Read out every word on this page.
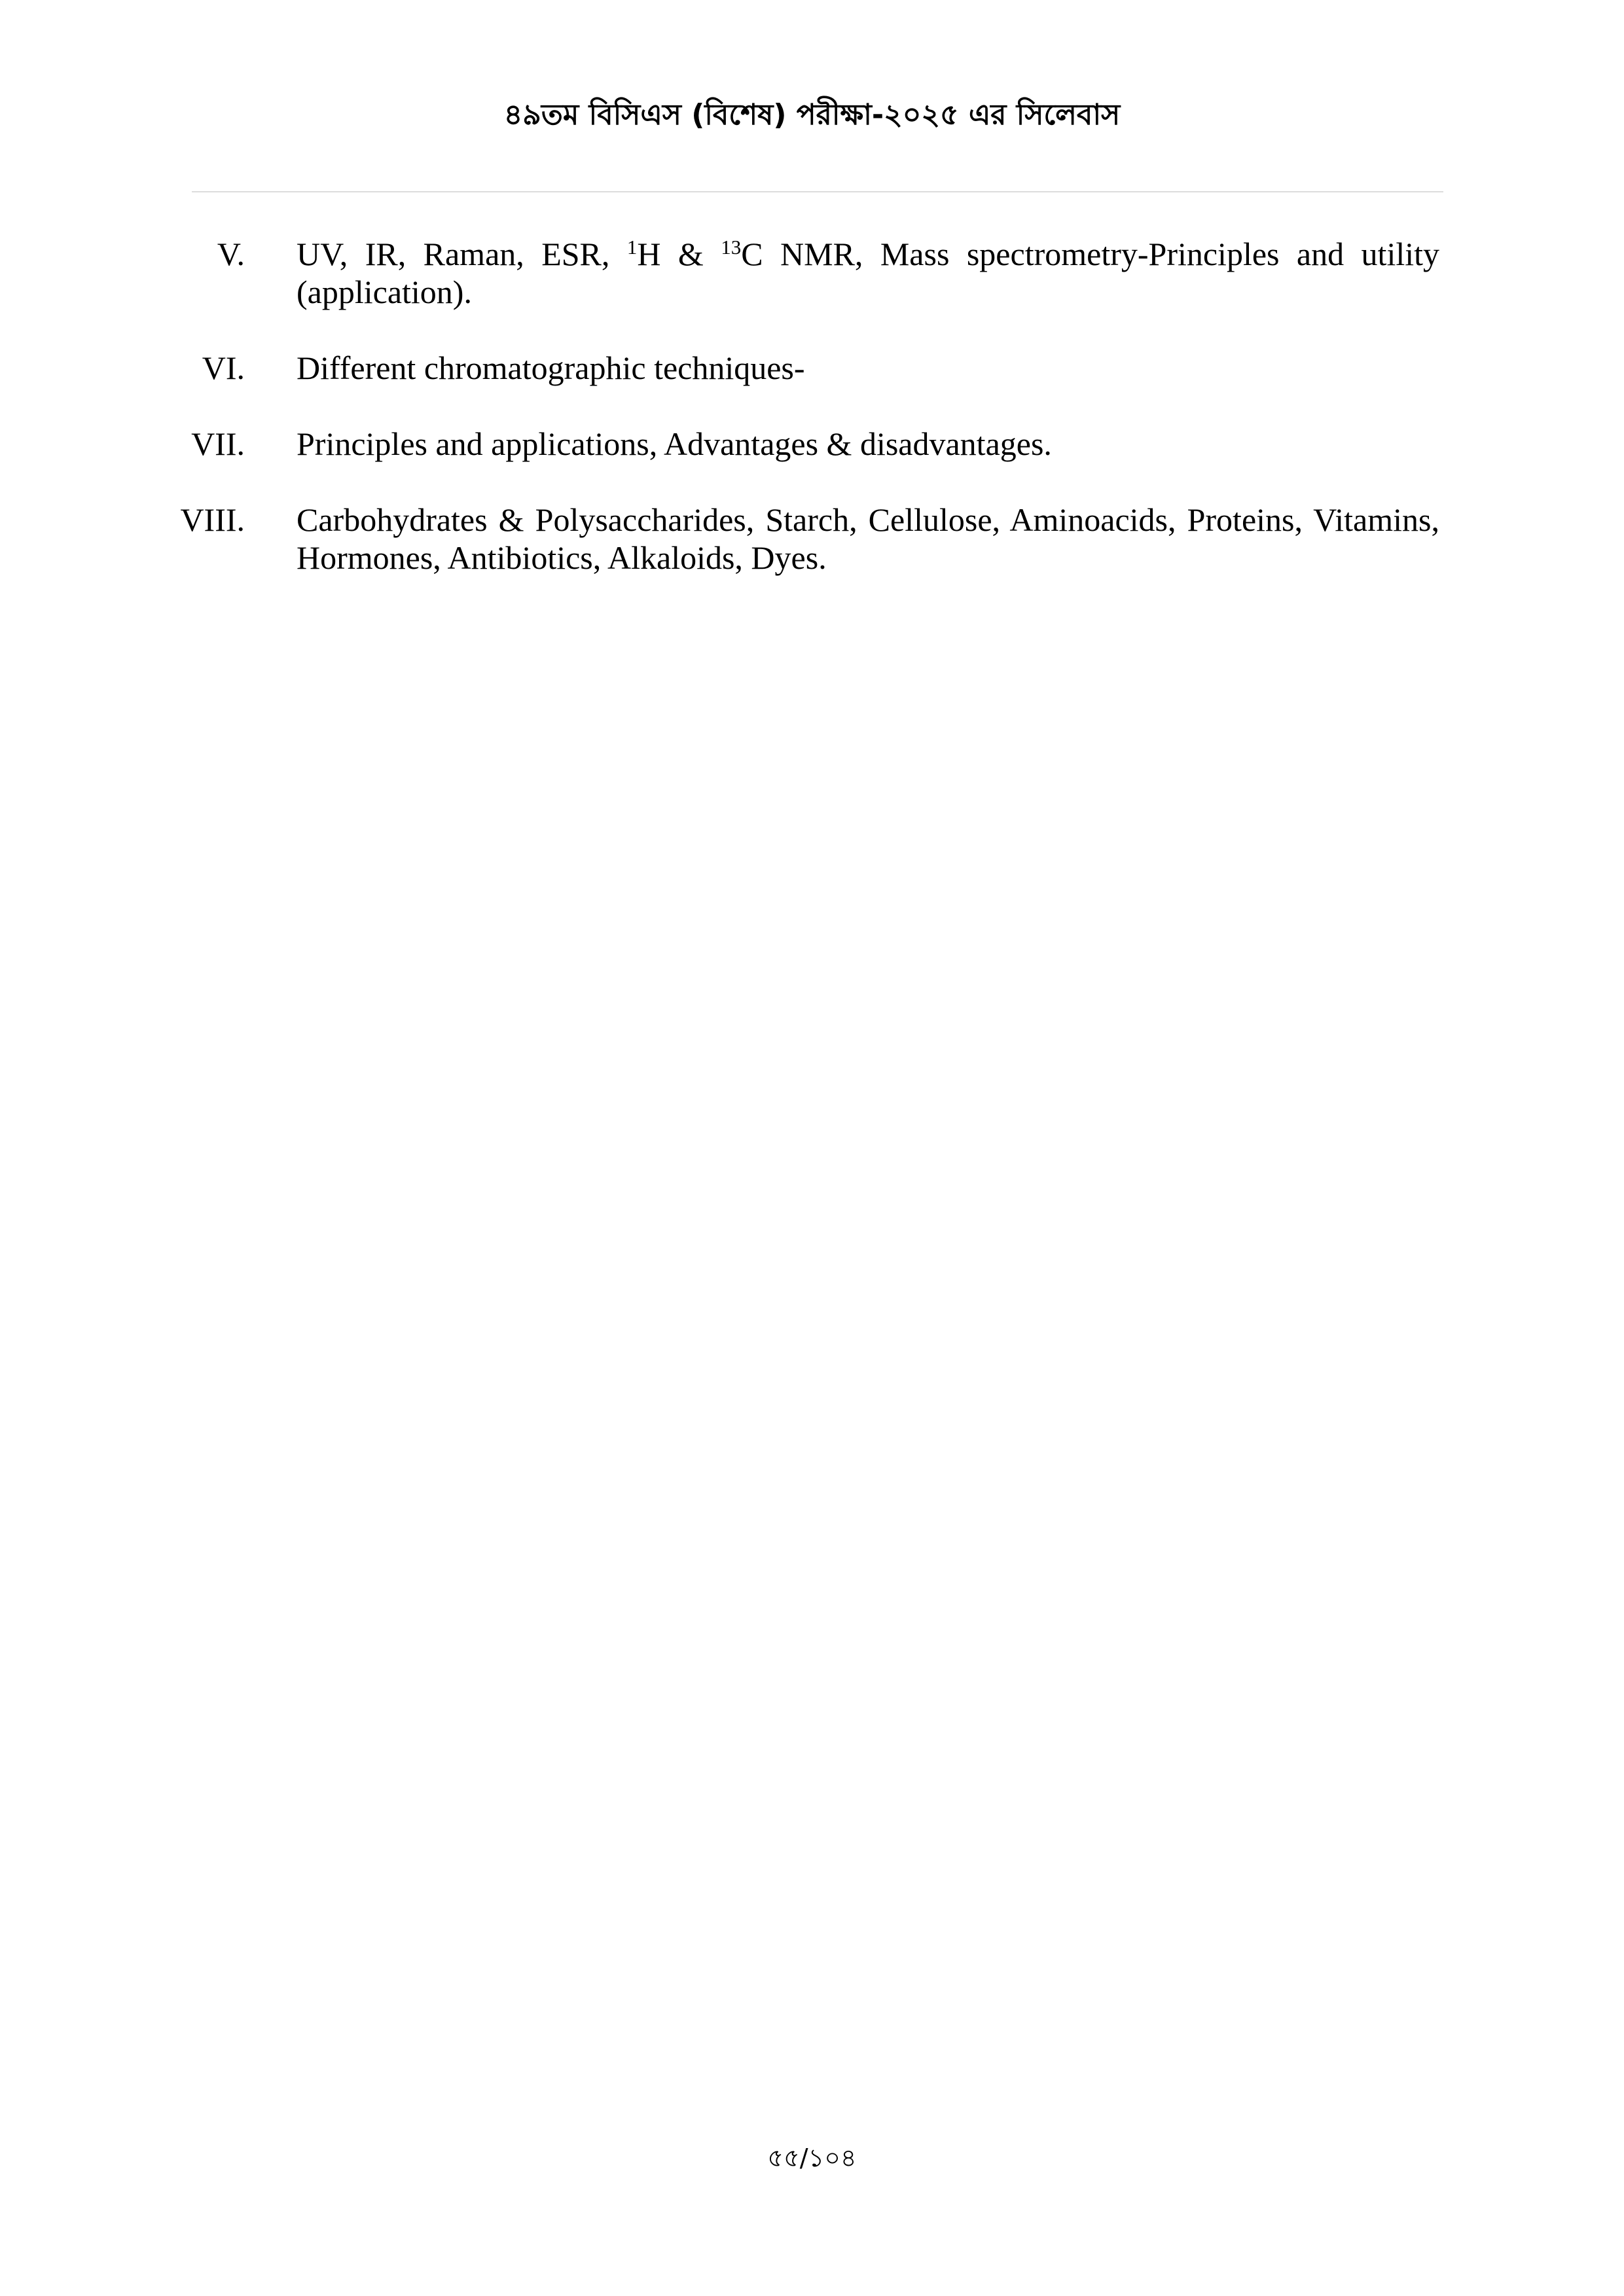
৪৯তম বিসিএস (বিশেষ) পরীক্ষা-২০২৫ এর সিলেবাস
V. UV, IR, Raman, ESR, $^1$H & $^{13}$C NMR, Mass spectrometry-Principles and utility (application).
VI. Different chromatographic techniques-
VII. Principles and applications, Advantages & disadvantages.
VIII. Carbohydrates & Polysaccharides, Starch, Cellulose, Aminoacids, Proteins, Vitamins, Hormones, Antibiotics, Alkaloids, Dyes.
৫৫/১০৪
